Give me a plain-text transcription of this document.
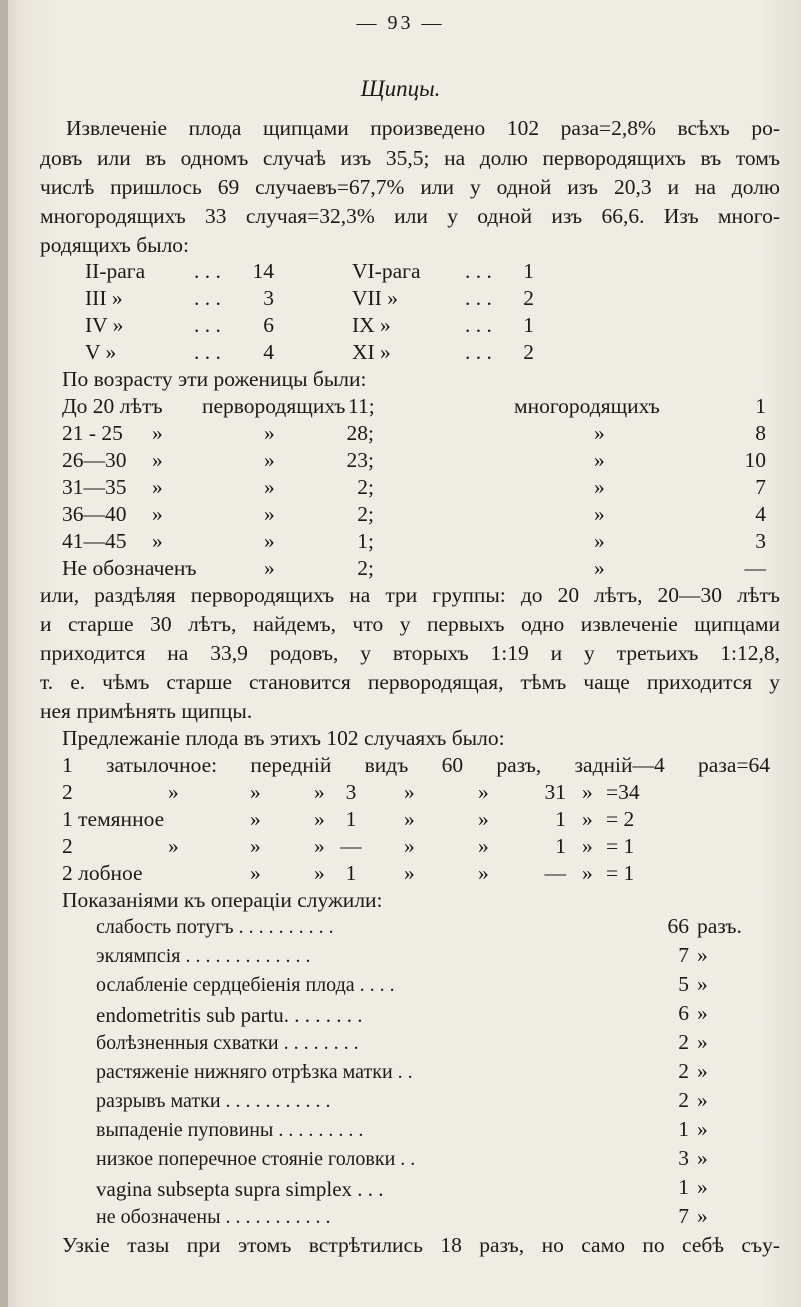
— 93 —
Щипцы.

Извлеченіе плода щипцами произведено 102 раза=2,8% всѣхъ ро-

довъ или въ одномъ случаѣ изъ 35,5; на долю первородящихъ въ томъ

числѣ пришлось 69 случаевъ=67,7% или у одной изъ 20,3 и на долю

многородящихъ 33 случая=32,3% или у одной изъ 66,6. Изъ много-

родящихъ было:

II-рага . . .	14	VI-рага . . .	1
III »	. . .	3	VII »	. . .	2
IV »	. . .	6	IX »	. . .	1
V »	. . .	4	XI »	. . .	2
По возрасту эти роженицы были:
До 20 лѣтъ первородящихъ 11;	многородящихъ	1
21 - 25 »	»	28;	»	8
26—30 »	»	23;	»	10
31—35 »	»	2;	»	7
36—40 »	»	2;	»	4
41—45 »	»	1;	»	3
Не обозначенъ	»	2;	»	—

или, раздѣляя первородящихъ на три группы: до 20 лѣтъ, 20—30 лѣтъ

и старше 30 лѣтъ, найдемъ, что у первыхъ одно извлеченіе щипцами

приходится на 33,9 родовъ, у вторыхъ 1:19 и у третьихъ 1:12,8,

т. е. чѣмъ старше становится первородящая, тѣмъ чаще приходится у

нея примѣнять щипцы.

Предлежаніе плода въ этихъ 102 случаяхъ было:
1 затылочное: передній видъ 60 разъ, задній—4 раза=64
2	»	» » 3	»	»	31 » =34
1 темянное	» » 1	»	»	1 » = 2
2	»	» » — »	»	1 » = 1
2 лобное	» » 1	»	»	— » = 1
Показаніями къ операціи служили:
слабость потугъ . . . . . . . . . .	66 разъ.
эклямпсія . . . . . . . . . . . . .	7 »
ослабленіе сердцебіенія плода . . . .	5 »
endometritis sub partu. . . . . . . .	6 »
болѣзненныя схватки . . . . . . . .	2 »
растяженіе нижняго отрѣзка матки . .	2 »
разрывъ матки . . . . . . . . . . .	2 »
выпаденіе пуповины . . . . . . . . .	1 »
низкое поперечное стояніе головки . .	3 »
vagina subsepta supra simplex . . .	1 »
не обозначены . . . . . . . . . . .	7 »

Узкіе тазы при этомъ встрѣтились 18 разъ, но само по себѣ съу-
